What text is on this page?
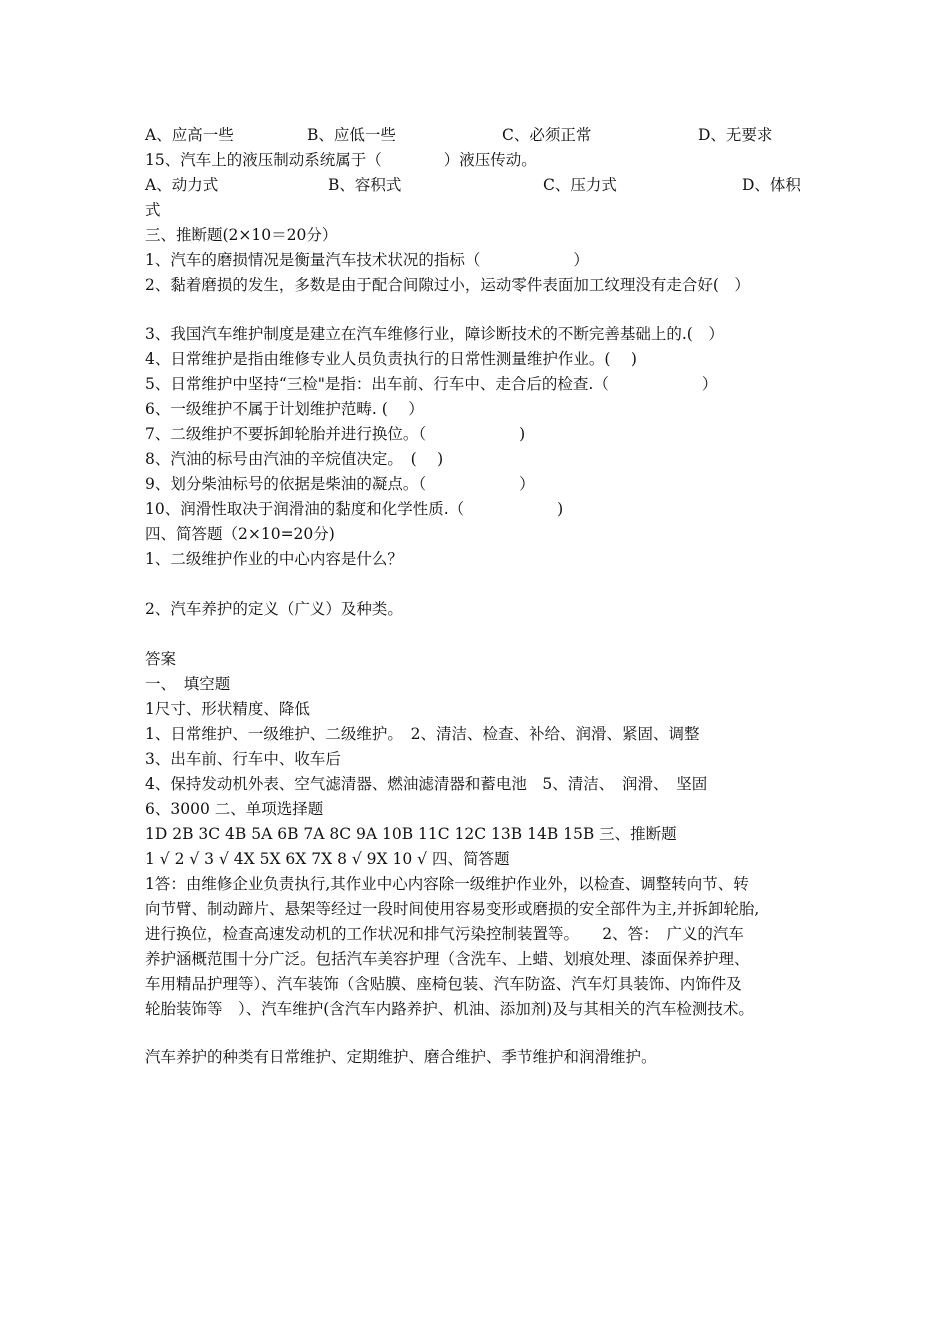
A、应高一些	B、应低一些	C、必须正常	D、无要求
15、汽车上的液压制动系统属于（　　　　）液压传动。
A、动力式	B、容积式	C、压力式	D、体积
式
三、推断题(2×10＝20分）
1、汽车的磨损情况是衡量汽车技术状况的指标（　　　　　　）
2、黏着磨损的发生，多数是由于配合间隙过小，运动零件表面加工纹理没有走合好(　）
3、我国汽车维护制度是建立在汽车维修行业，障诊断技术的不断完善基础上的.(　）
4、日常维护是指由维修专业人员负责执行的日常性测量维护作业。(　 )
5、日常维护中坚持“三检"是指：出车前、行车中、走合后的检查.（　　　　　　）
6、一级维护不属于计划维护范畴. (　 ）
7、二级维护不要拆卸轮胎并进行换位。（　　　　　　)
8、汽油的标号由汽油的辛烷值决定。　(　 )
9、划分柴油标号的依据是柴油的凝点。（　　　　　　）
10、润滑性取决于润滑油的黏度和化学性质.（　　　　　　)
四、简答题（2×10=20分)
1、二级维护作业的中心内容是什么？
2、汽车养护的定义（广义）及种类。
答案
一、　填空题
1尺寸、形状精度、降低
1、日常维护、一级维护、二级维护。　2、清洁、检查、补给、润滑、紧固、调整
3、出车前、行车中、收车后
4、保持发动机外表、空气滤清器、燃油滤清器和蓄电池　5、清洁、　润滑、　坚固
6、3000 二、单项选择题
1D 2B 3C 4B 5A 6B 7A 8C 9A 10B 11C 12C 13B 14B 15B 三、推断题
1 √ 2 √ 3 √ 4X 5X 6X 7X 8 √ 9X 10 √ 四、简答题
1答：由维修企业负责执行,其作业中心内容除一级维护作业外，以检查、调整转向节、转
向节臂、制动蹄片、悬架等经过一段时间使用容易变形或磨损的安全部件为主,并拆卸轮胎,
进行换位，检查高速发动机的工作状况和排气污染控制装置等。　　2、答：　广义的汽车
养护涵概范围十分广泛。包括汽车美容护理（含洗车、上蜡、划痕处理、漆面保养护理、
车用精品护理等）、汽车装饰（含贴膜、座椅包装、汽车防盗、汽车灯具装饰、内饰件及
轮胎装饰等　）、汽车维护(含汽车内路养护、机油、添加剂)及与其相关的汽车检测技术。
汽车养护的种类有日常维护、定期维护、磨合维护、季节维护和润滑维护。
